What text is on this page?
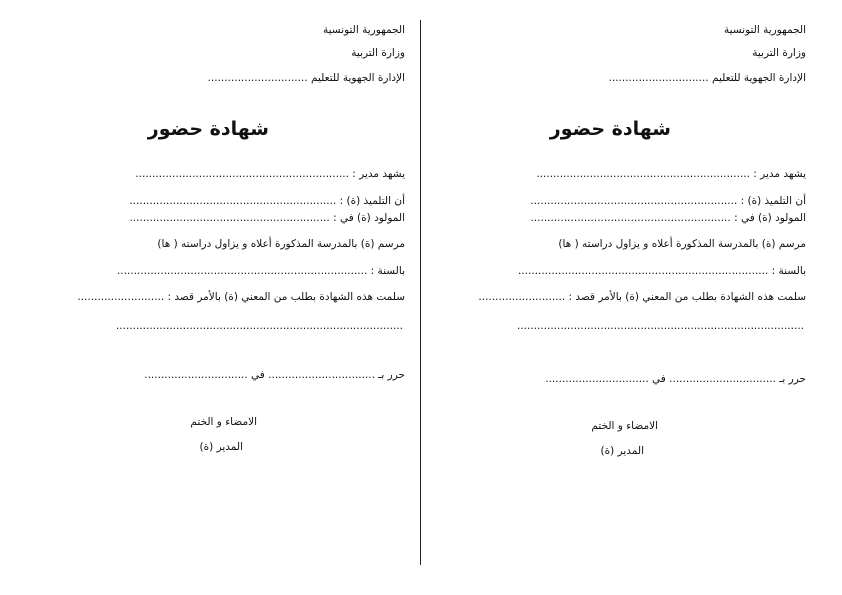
الجمهورية التونسية
وزارة التربية
الإدارة الجهوية للتعليم ..............................
شهادة حضور
يشهد مدير : ................................................................
أن التلميذ (ة) : ..............................................................
المولود (ة) في : ............................................................
مرسم (ة) بالمدرسة المذكورة أعلاه و يزاول دراسته ( ها)
بالسنة : ...........................................................................
سلمت هذه الشهادة بطلب من المعني (ة) بالأمر قصد : ..........................
......................................................................................
حرر بـ ................................ في ...............................
الامضاء و الختم
المدير (ة)
الجمهورية التونسية
وزارة التربية
الإدارة الجهوية للتعليم ..............................
شهادة حضور
يشهد مدير : ................................................................
أن التلميذ (ة) : ..............................................................
المولود (ة) في : ............................................................
مرسم (ة) بالمدرسة المذكورة أعلاه و يزاول دراسته ( ها)
بالسنة : ...........................................................................
سلمت هذه الشهادة بطلب من المعني (ة) بالأمر قصد : ..........................
......................................................................................
حرر بـ ................................ في ...............................
الامضاء و الختم
المدير (ة)
